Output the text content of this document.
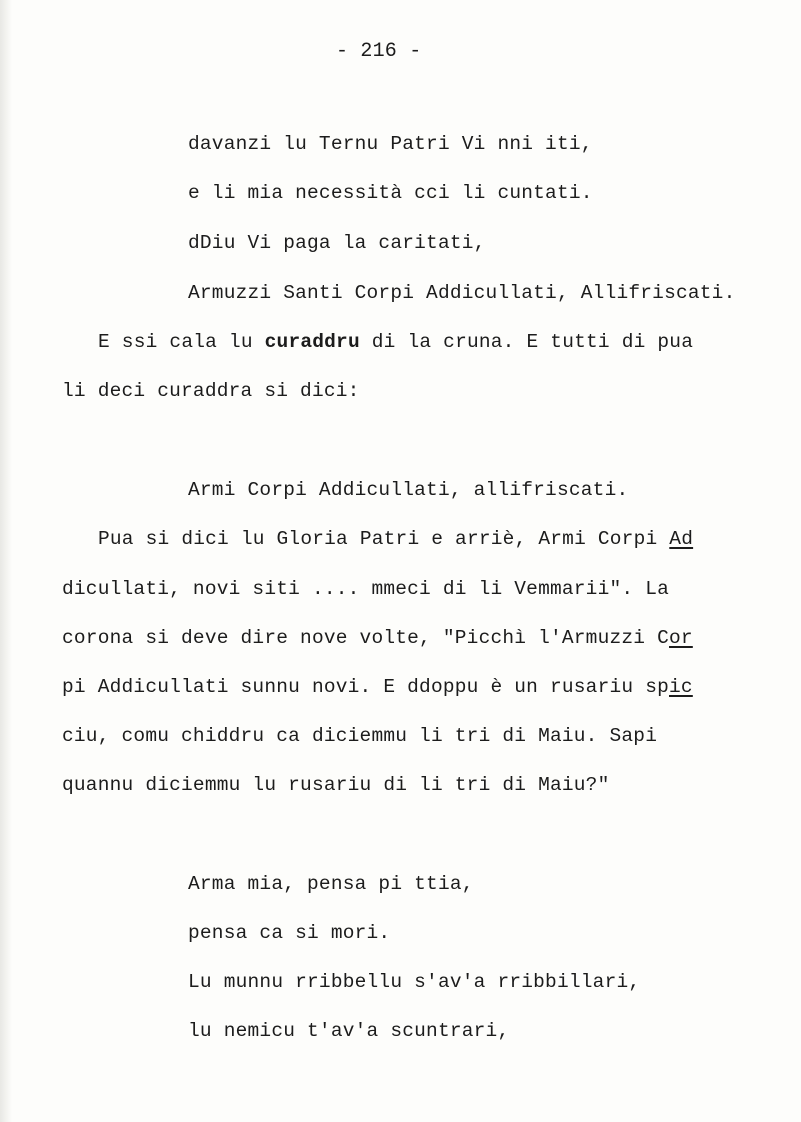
- 216 -
davanzi lu Ternu Patri Vi nni iti,
e li mia necessità cci li cuntati.
dDiu Vi paga la caritati,
Armuzzi Santi Corpi Addicullati, Allifriscati.
E ssi cala lu curaddru di la cruna. E tutti di pua
li deci curaddra si dici:
Armi Corpi Addicullati, allifriscati.
Pua si dici lu Gloria Patri e arriè, Armi Corpi Ad
dicullati, novi siti .... mmeci di li Vemmarii". La
corona si deve dire nove volte, "Picchì l'Armuzzi Cor
pi Addicullati sunnu novi. E ddoppu è un rusariu spic
ciu, comu chiddru ca diciemmu li tri di Maiu. Sapi
quannu diciemmu lu rusariu di li tri di Maiu?"
Arma mia, pensa pi ttia,
pensa ca si mori.
Lu munnu rribbellu s'av'a rribbillari,
lu nemicu t'av'a scuntrari,
